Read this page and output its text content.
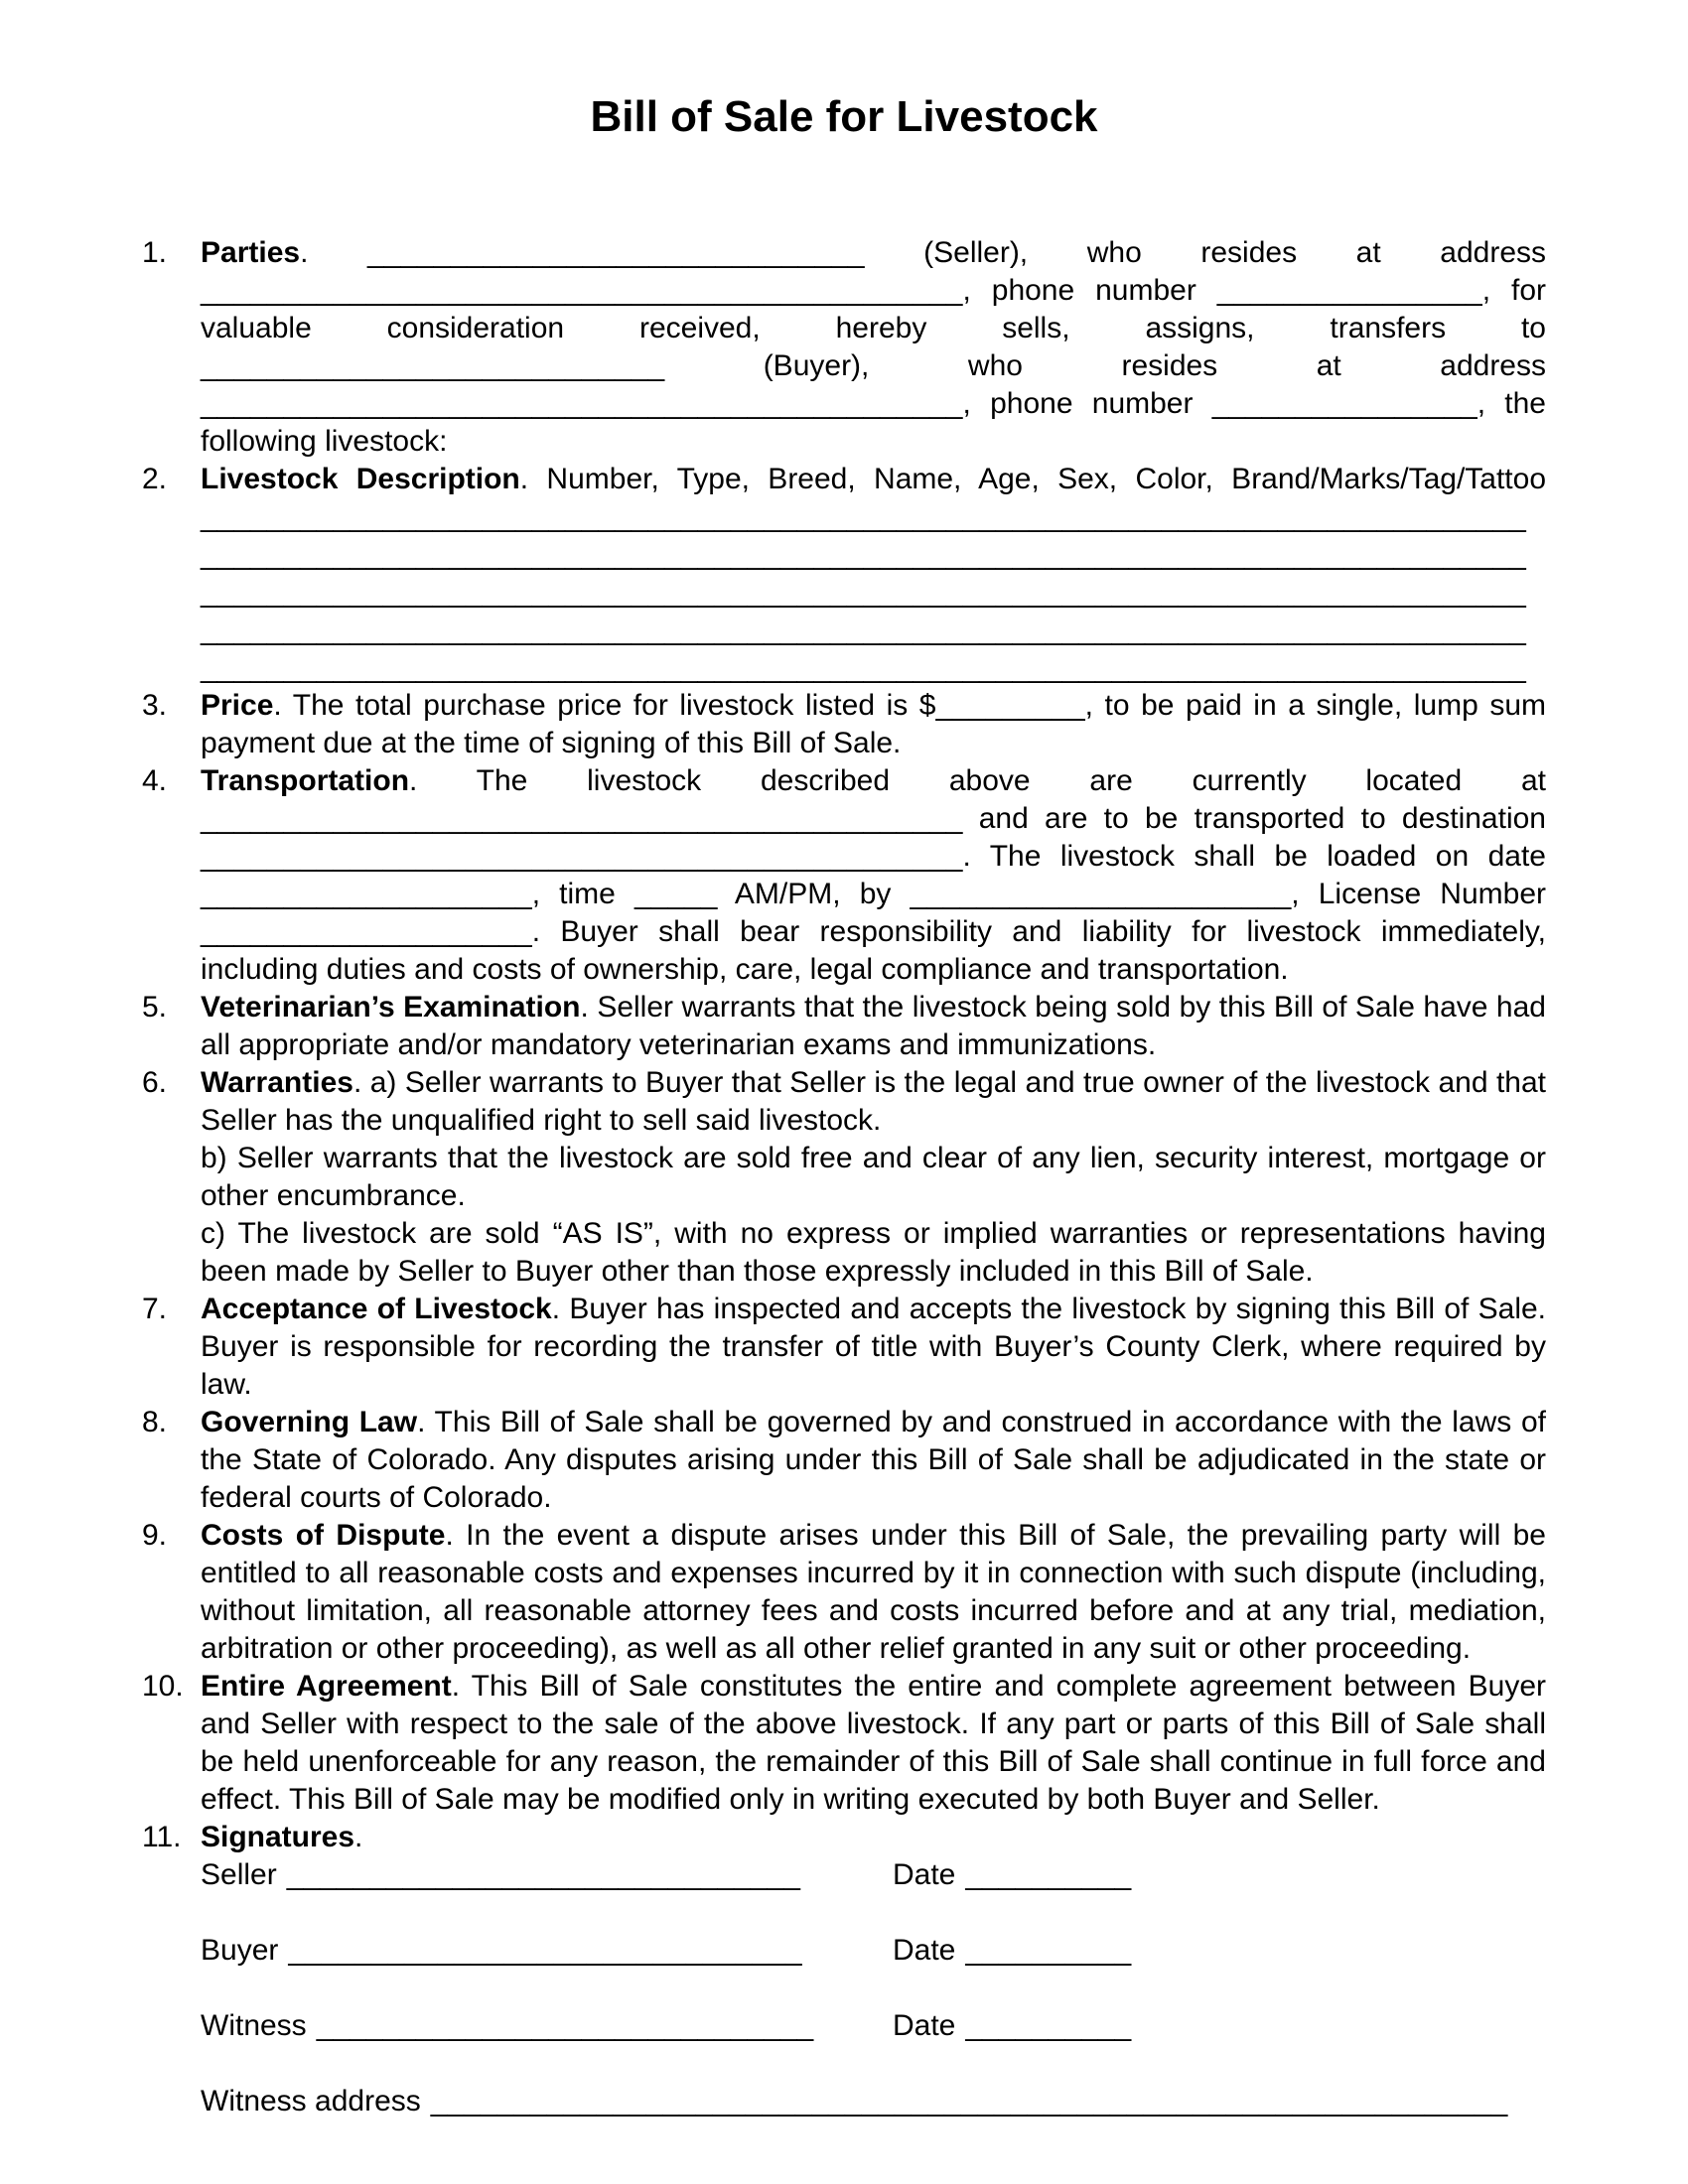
Bill of Sale for Livestock
1.	Parties. ______________________________ (Seller), who resides at address ______________________________________________, phone number ________________, for valuable consideration received, hereby sells, assigns, transfers to ____________________________ (Buyer), who resides at address ______________________________________________, phone number ________________, the following livestock:

2.	Livestock Description. Number, Type, Breed, Name, Age, Sex, Color, Brand/Marks/Tag/Tattoo ________________________________________________________________________________ ________________________________________________________________________________ ________________________________________________________________________________ ________________________________________________________________________________ ________________________________________________________________________________

3.	Price. The total purchase price for livestock listed is $_________, to be paid in a single, lump sum payment due at the time of signing of this Bill of Sale.

4.	Transportation. The livestock described above are currently located at ______________________________________________ and are to be transported to destination ______________________________________________. The livestock shall be loaded on date ____________________, time _____ AM/PM, by _______________________, License Number ____________________. Buyer shall bear responsibility and liability for livestock immediately, including duties and costs of ownership, care, legal compliance and transportation.

5.	Veterinarian’s Examination. Seller warrants that the livestock being sold by this Bill of Sale have had all appropriate and/or mandatory veterinarian exams and immunizations.

6.	Warranties. a) Seller warrants to Buyer that Seller is the legal and true owner of the livestock and that Seller has the unqualified right to sell said livestock.

b) Seller warrants that the livestock are sold free and clear of any lien, security interest, mortgage or other encumbrance.

c) The livestock are sold “AS IS”, with no express or implied warranties or representations having been made by Seller to Buyer other than those expressly included in this Bill of Sale.

7.	Acceptance of Livestock. Buyer has inspected and accepts the livestock by signing this Bill of Sale. Buyer is responsible for recording the transfer of title with Buyer’s County Clerk, where required by law.

8.	Governing Law. This Bill of Sale shall be governed by and construed in accordance with the laws of the State of Colorado. Any disputes arising under this Bill of Sale shall be adjudicated in the state or federal courts of Colorado.

9.	Costs of Dispute. In the event a dispute arises under this Bill of Sale, the prevailing party will be entitled to all reasonable costs and expenses incurred by it in connection with such dispute (including, without limitation, all reasonable attorney fees and costs incurred before and at any trial, mediation, arbitration or other proceeding), as well as all other relief granted in any suit or other proceeding.

10. Entire Agreement. This Bill of Sale constitutes the entire and complete agreement between Buyer and Seller with respect to the sale of the above livestock. If any part or parts of this Bill of Sale shall be held unenforceable for any reason, the remainder of this Bill of Sale shall continue in full force and effect. This Bill of Sale may be modified only in writing executed by both Buyer and Seller.

11. Signatures.

Seller _______________________________	Date __________
Buyer _______________________________	Date __________
Witness ______________________________	Date __________
Witness address _________________________________________________________________
